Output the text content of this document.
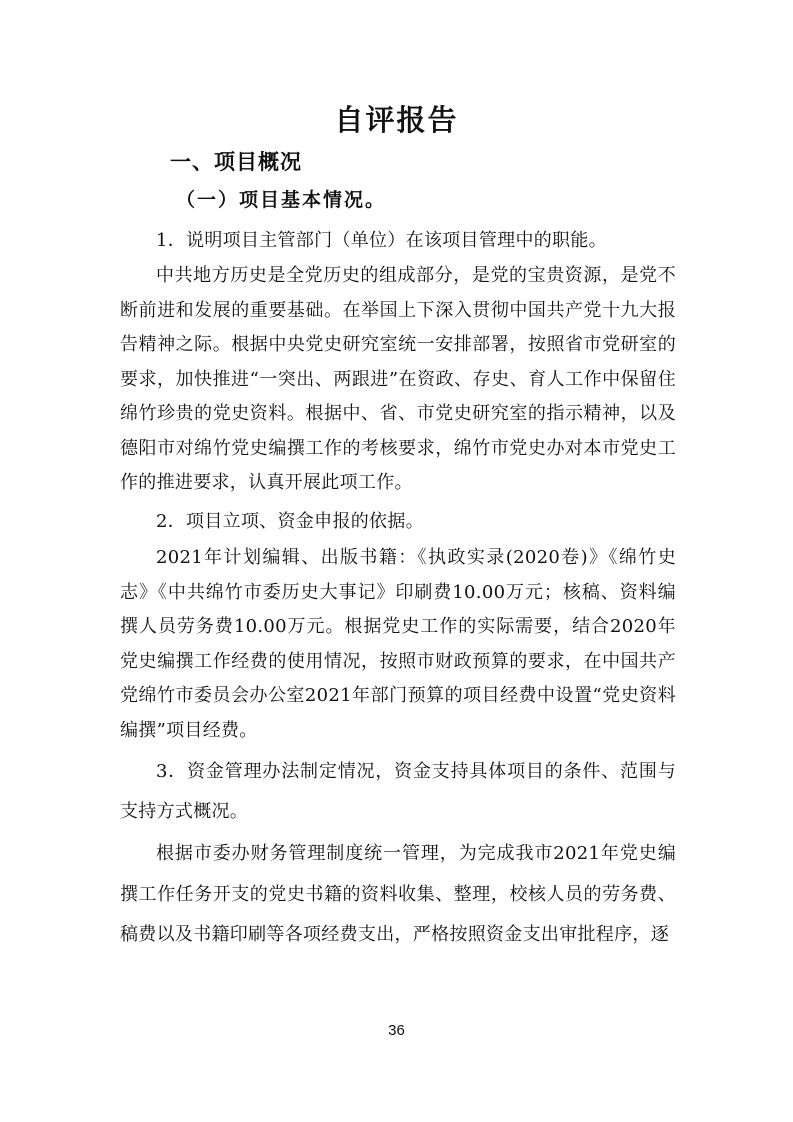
自评报告
一、项目概况
（一）项目基本情况。

1．说明项目主管部门（单位）在该项目管理中的职能。

中共地方历史是全党历史的组成部分，是党的宝贵资源，是党不断前进和发展的重要基础。在举国上下深入贯彻中国共产党十九大报告精神之际。根据中央党史研究室统一安排部署，按照省市党研室的要求，加快推进“一突出、两跟进”在资政、存史、育人工作中保留住绵竹珍贵的党史资料。根据中、省、市党史研究室的指示精神，以及德阳市对绵竹党史编撰工作的考核要求，绵竹市党史办对本市党史工作的推进要求，认真开展此项工作。

2．项目立项、资金申报的依据。

2021年计划编辑、出版书籍：《执政实录(2020卷)》《绵竹史志》《中共绵竹市委历史大事记》印刷费10.00万元；核稿、资料编撰人员劳务费10.00万元。根据党史工作的实际需要，结合2020年党史编撰工作经费的使用情况，按照市财政预算的要求，在中国共产党绵竹市委员会办公室2021年部门预算的项目经费中设置“党史资料编撰”项目经费。

3．资金管理办法制定情况，资金支持具体项目的条件、范围与支持方式概况。

根据市委办财务管理制度统一管理，为完成我市2021年党史编撰工作任务开支的党史书籍的资料收集、整理，校核人员的劳务费、稿费以及书籍印刷等各项经费支出，严格按照资金支出审批程序，逐

36
